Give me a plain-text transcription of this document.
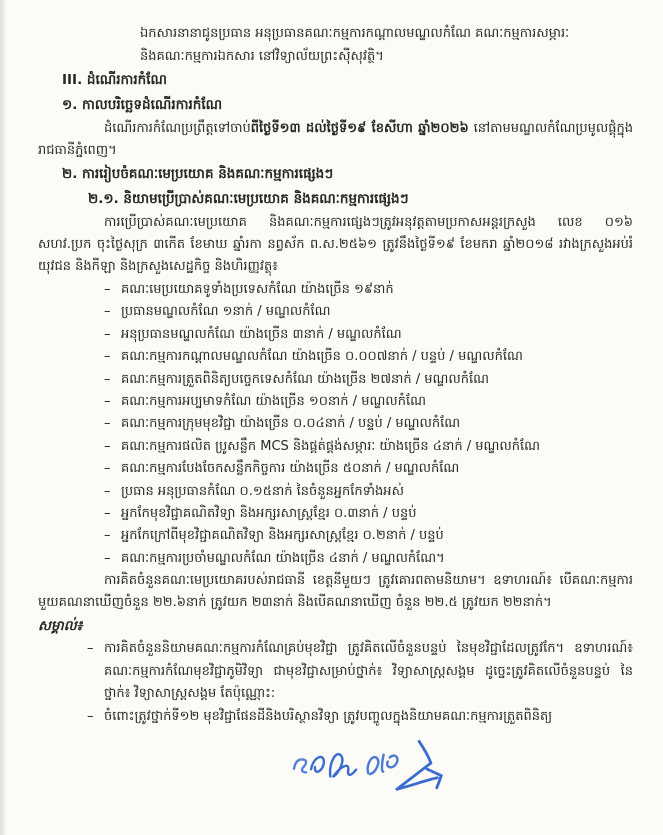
ឯកសារនានាជូនប្រធាន អនុប្រធានគណៈកម្មការកណ្ដាលមណ្ឌលកំណែ គណៈកម្មការសម្ភារៈ
និងគណៈកម្មការឯកសារ នៅវិទ្យាល័យព្រះស៊ីសុវត្ថិ។
III. ដំណើរការកំណែ
១. កាលបរិច្ឆេទដំណើរការកំណែ

ដំណើរការកំណែប្រព្រឹត្តទៅចាប់ពីថ្ងៃទី១៣ ដល់ថ្ងៃទី១៩ ខែសីហា ឆ្នាំ២០២៦ នៅតាមមណ្ឌលកំណែប្រមូលផ្ដុំក្នុងរាជធានីភ្នំពេញ។

២. ការរៀបចំគណៈមេប្រយោគ និងគណៈកម្មការផ្សេងៗ
២.១. និយាមប្រើប្រាស់គណៈមេប្រយោគ និងគណៈកម្មការផ្សេងៗ

ការប្រើប្រាស់គណៈមេប្រយោគ និងគណៈកម្មការផ្សេងៗត្រូវអនុវត្តតាមប្រកាសអន្តរក្រសួង លេខ ០១៦ សហវ.ប្រក ចុះថ្ងៃសុក្រ ៣កើត ខែមាឃ ឆ្នាំរកា នព្វស័ក ព.ស.២៥៦១ ត្រូវនឹងថ្ងៃទី១៩ ខែមករា ឆ្នាំ២០១៨ រវាងក្រសួងអប់រំ យុវជន និងកីឡា និងក្រសួងសេដ្ឋកិច្ច និងហិរញ្ញវត្ថុ៖

– គណៈមេប្រយោគទូទាំងប្រទេសកំណែ យ៉ាងច្រើន ១៩នាក់
– ប្រធានមណ្ឌលកំណែ ១នាក់ / មណ្ឌលកំណែ
– អនុប្រធានមណ្ឌលកំណែ យ៉ាងច្រើន ៣នាក់ / មណ្ឌលកំណែ
– គណៈកម្មការកណ្ដាលមណ្ឌលកំណែ យ៉ាងច្រើន ០.០០៧នាក់ / បន្ទប់ / មណ្ឌលកំណែ
– គណៈកម្មការត្រួតពិនិត្យបច្ចេកទេសកំណែ យ៉ាងច្រើន ២៧នាក់ / មណ្ឌលកំណែ
– គណៈកម្មការអប្បមាទកំណែ យ៉ាងច្រើន ១០នាក់ / មណ្ឌលកំណែ
– គណៈកម្មការក្រុមមុខវិជ្ជា យ៉ាងច្រើន ០.០៤នាក់ / បន្ទប់ / មណ្ឌលកំណែ
– គណៈកម្មការផលិត ប្រូសន្លឹក MCS និងផ្គត់ផ្គង់សម្ភារៈ យ៉ាងច្រើន ៤នាក់ / មណ្ឌលកំណែ
– គណៈកម្មការបែងចែកសន្លឹកកិច្ចការ យ៉ាងច្រើន ៥០នាក់ / មណ្ឌលកំណែ
– ប្រធាន អនុប្រធានកំណែ ០.១៥នាក់ នៃចំនួនអ្នកកែទាំងអស់
– អ្នកកែមុខវិជ្ជាគណិតវិទ្យា និងអក្សរសាស្ត្រខ្មែរ ០.៣នាក់ / បន្ទប់
– អ្នកកែក្រៅពីមុខវិជ្ជាគណិតវិទ្យា និងអក្សរសាស្ត្រខ្មែរ ០.២នាក់ / បន្ទប់
– គណៈកម្មការប្រចាំមណ្ឌលកំណែ យ៉ាងច្រើន ៤នាក់ / មណ្ឌលកំណែ។

ការគិតចំនួនគណៈមេប្រយោគរបស់រាជធានី ខេត្តនីមួយៗ ត្រូវគោរពតាមនិយាម។ ឧទាហរណ៍៖ បើគណៈកម្មការមួយគណនាឃើញចំនួន ២២.៦នាក់ ត្រូវយក ២៣នាក់ និងបើគណនាឃើញ ចំនួន ២២.៥ ត្រូវយក ២២នាក់។

សម្គាល់៖
– ការគិតចំនួននិយាមគណៈកម្មការកំណែគ្រប់មុខវិជ្ជា ត្រូវគិតលើចំនួនបន្ទប់ នៃមុខវិជ្ជាដែលត្រូវកែ។ ឧទាហរណ៍៖ គណៈកម្មការកំណែមុខវិជ្ជាភូមិវិទ្យា ជាមុខវិជ្ជាសម្រាប់ថ្នាក់៖ វិទ្យាសាស្ត្រសង្គម ដូច្នេះត្រូវគិតលើចំនួនបន្ទប់ នៃថ្នាក់៖ វិទ្យាសាស្ត្រសង្គម តែប៉ុណ្ណោះ:
– ចំពោះត្រូវថ្នាក់ទី១២ មុខវិជ្ជាផែនដីនិងបរិស្ថានវិទ្យា ត្រូវបញ្ចូលក្នុងនិយាមគណៈកម្មការត្រួតពិនិត្យ
